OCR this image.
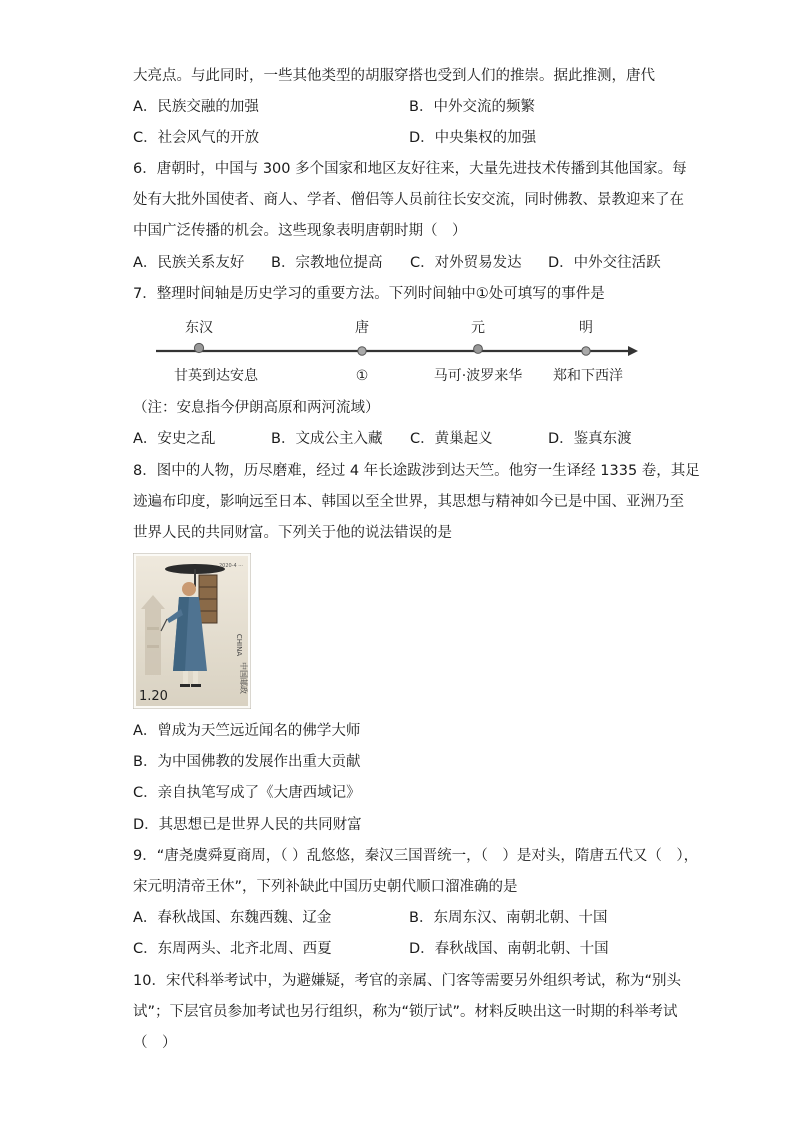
大亮点。与此同时，一些其他类型的胡服穿搭也受到人们的推崇。据此推测，唐代
A．民族交融的加强	B．中外交流的频繁
C．社会风气的开放	D．中央集权的加强
6．唐朝时，中国与 300 多个国家和地区友好往来，大量先进技术传播到其他国家。每
处有大批外国使者、商人、学者、僧侣等人员前往长安交流，同时佛教、景教迎来了在
中国广泛传播的机会。这些现象表明唐朝时期（　）
A．民族关系友好 B．宗教地位提高 C．对外贸易发达 D．中外交往活跃
7．整理时间轴是历史学习的重要方法。下列时间轴中①处可填写的事件是
东汉	唐	元	明
甘英到达安息	①	马可·波罗来华 郑和下西洋
（注：安息指今伊朗高原和两河流域）
A．安史之乱	B．文成公主入藏 C．黄巢起义	D．鉴真东渡
8．图中的人物，历尽磨难，经过 4 年长途跋涉到达天竺。他穷一生译经 1335 卷，其足
迹遍布印度，影响远至日本、韩国以至全世界，其思想与精神如今已是中国、亚洲乃至
世界人民的共同财富。下列关于他的说法错误的是
2020-4 ···
CHINA
中国邮政
1.20
A．曾成为天竺远近闻名的佛学大师
B．为中国佛教的发展作出重大贡献
C．亲自执笔写成了《大唐西域记》
D．其思想已是世界人民的共同财富
9．“唐尧虞舜夏商周，（ ）乱悠悠，秦汉三国晋统一，（　）是对头，隋唐五代又（　），
宋元明清帝王休”，下列补缺此中国历史朝代顺口溜准确的是
A．春秋战国、东魏西魏、辽金	B．东周东汉、南朝北朝、十国
C．东周两头、北齐北周、西夏	D．春秋战国、南朝北朝、十国
10．宋代科举考试中，为避嫌疑，考官的亲属、门客等需要另外组织考试，称为“别头
试”；下层官员参加考试也另行组织，称为“锁厅试”。材料反映出这一时期的科举考试
（　）
